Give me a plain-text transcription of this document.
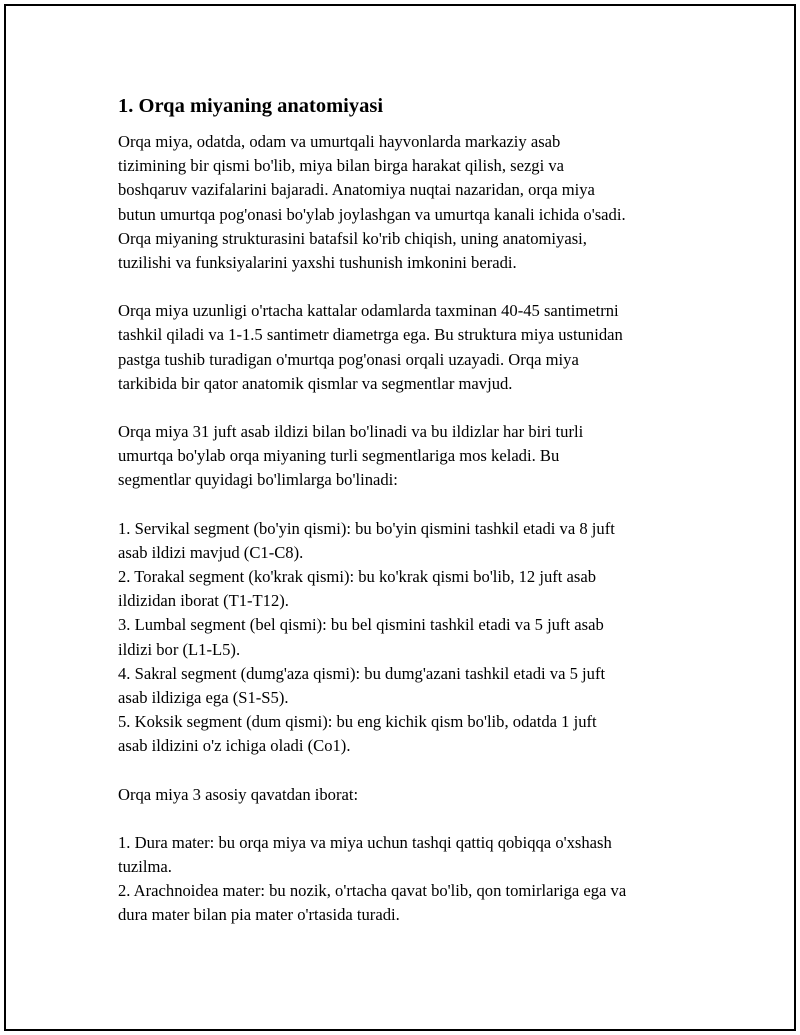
1. Orqa miyaning anatomiyasi
Orqa miya, odatda, odam va umurtqali hayvonlarda markaziy asab
tizimining bir qismi bo'lib, miya bilan birga harakat qilish, sezgi va
boshqaruv vazifalarini bajaradi. Anatomiya nuqtai nazaridan, orqa miya
butun umurtqa pog'onasi bo'ylab joylashgan va umurtqa kanali ichida o'sadi.
Orqa miyaning strukturasini batafsil ko'rib chiqish, uning anatomiyasi,
tuzilishi va funksiyalarini yaxshi tushunish imkonini beradi.
Orqa miya uzunligi o'rtacha kattalar odamlarda taxminan 40-45 santimetrni
tashkil qiladi va 1-1.5 santimetr diametrga ega. Bu struktura miya ustunidan
pastga tushib turadigan o'murtqa pog'onasi orqali uzayadi. Orqa miya
tarkibida bir qator anatomik qismlar va segmentlar mavjud.
Orqa miya 31 juft asab ildizi bilan bo'linadi va bu ildizlar har biri turli
umurtqa bo'ylab orqa miyaning turli segmentlariga mos keladi. Bu
segmentlar quyidagi bo'limlarga bo'linadi:
1. Servikal segment (bo'yin qismi): bu bo'yin qismini tashkil etadi va 8 juft
asab ildizi mavjud (C1-C8).
2. Torakal segment (ko'krak qismi): bu ko'krak qismi bo'lib, 12 juft asab
ildizidan iborat (T1-T12).
3. Lumbal segment (bel qismi): bu bel qismini tashkil etadi va 5 juft asab
ildizi bor (L1-L5).
4. Sakral segment (dumg'aza qismi): bu dumg'azani tashkil etadi va 5 juft
asab ildiziga ega (S1-S5).
5. Koksik segment (dum qismi): bu eng kichik qism bo'lib, odatda 1 juft
asab ildizini o'z ichiga oladi (Co1).
Orqa miya 3 asosiy qavatdan iborat:
1. Dura mater: bu orqa miya va miya uchun tashqi qattiq qobiqqa o'xshash
tuzilma.
2. Arachnoidea mater: bu nozik, o'rtacha qavat bo'lib, qon tomirlariga ega va
dura mater bilan pia mater o'rtasida turadi.
